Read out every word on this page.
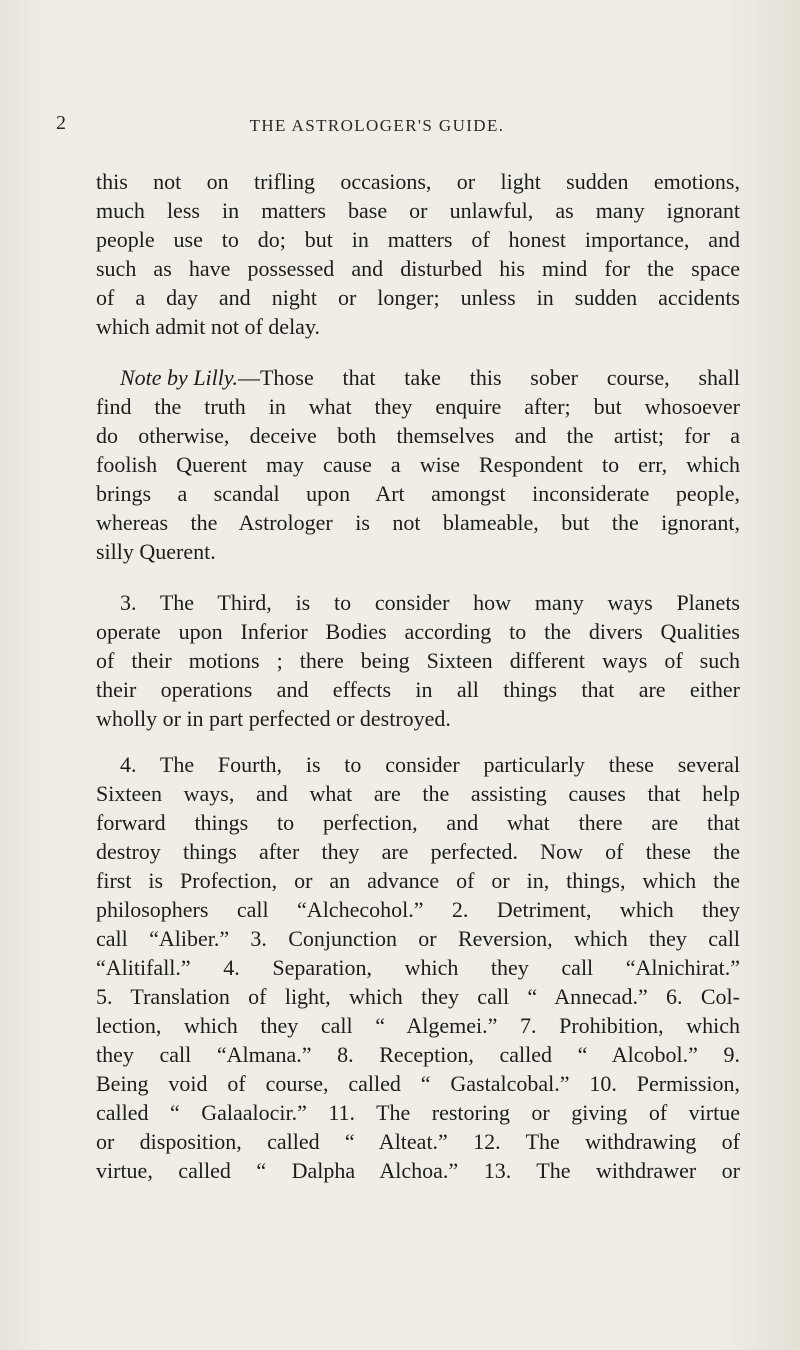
2	THE ASTROLOGER'S GUIDE.
this not on trifling occasions, or light sudden emotions,
much less in matters base or unlawful, as many ignorant
people use to do; but in matters of honest importance, and
such as have possessed and disturbed his mind for the space
of a day and night or longer; unless in sudden accidents
which admit not of delay.
Note by Lilly. —Those that take this sober course, shall
find the truth in what they enquire after; but whosoever
do otherwise, deceive both themselves and the artist; for a
foolish Querent may cause a wise Respondent to err, which
brings a scandal upon Art amongst inconsiderate people,
whereas the Astrologer is not blameable, but the ignorant,
silly Querent.
3. The Third, is to consider how many ways Planets
operate upon Inferior Bodies according to the divers Qualities
of their motions ; there being Sixteen different ways of such
their operations and effects in all things that are either
wholly or in part perfected or destroyed.
4. The Fourth, is to consider particularly these several
Sixteen ways, and what are the assisting causes that help
forward things to perfection, and what there are that
destroy things after they are perfected. Now of these the
first is Profection, or an advance of or in, things, which the
philosophers call “Alchecohol.” 2. Detriment, which they
call “Aliber.” 3. Conjunction or Reversion, which they call
“Alitifall.” 4. Separation, which they call “Alnichirat.”
5. Translation of light, which they call “ Annecad.” 6. Col-
lection, which they call “ Algemei.” 7. Prohibition, which
they call “Almana.” 8. Reception, called “ Alcobol.” 9.
Being void of course, called “ Gastalcobal.” 10. Permission,
called “ Galaalocir.” 11. The restoring or giving of virtue
or disposition, called “ Alteat.” 12. The withdrawing of
virtue, called “ Dalpha Alchoa.” 13. The withdrawer or
